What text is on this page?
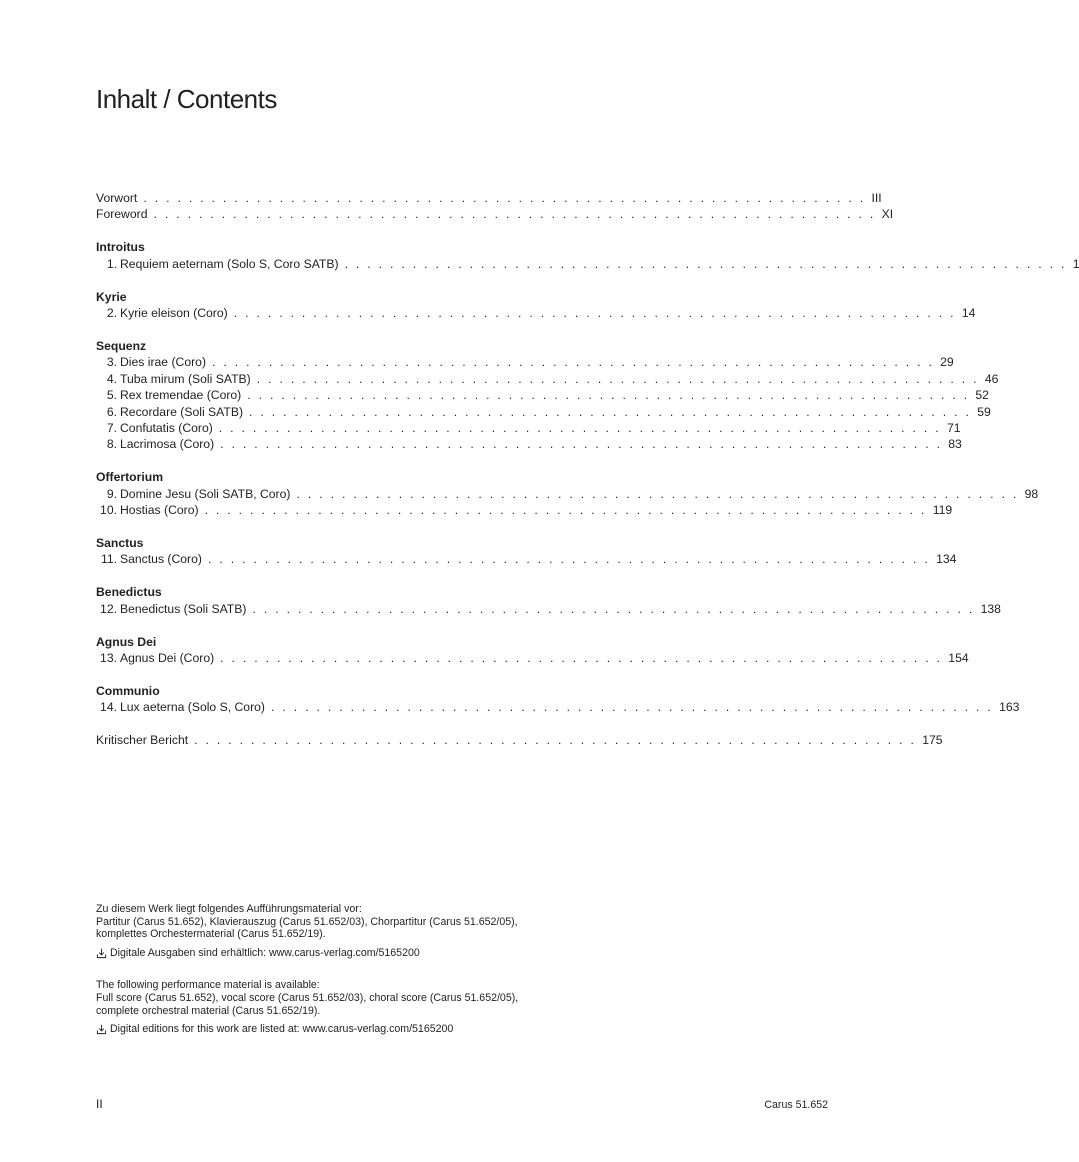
Inhalt / Contents
Vorwort . . . . . . . . . . . . . . . . . . . . . . . . . . . . . . . . . . . . . . . . . . . . . . . . . . . . . . . . . . . . . . . . III
Foreword . . . . . . . . . . . . . . . . . . . . . . . . . . . . . . . . . . . . . . . . . . . . . . . . . . . . . . . . . . . . . . . . XI
Introitus
1. Requiem aeternam (Solo S, Coro SATB) . . . . . . . . . . . . . . . . . . . . . . . . . . . . . . . . . . . . . . . . . . . . . . . . . . . . . . . . . . . . . . . . 1
Kyrie
2. Kyrie eleison (Coro) . . . . . . . . . . . . . . . . . . . . . . . . . . . . . . . . . . . . . . . . . . . . . . . . . . . . . . . . . . . . . . . . 14
Sequenz
3. Dies irae (Coro) . . . . . . . . . . . . . . . . . . . . . . . . . . . . . . . . . . . . . . . . . . . . . . . . . . . . . . . . . . . . . . . . 29
4. Tuba mirum (Soli SATB) . . . . . . . . . . . . . . . . . . . . . . . . . . . . . . . . . . . . . . . . . . . . . . . . . . . . . . . . . . . . . . . . 46
5. Rex tremendae (Coro) . . . . . . . . . . . . . . . . . . . . . . . . . . . . . . . . . . . . . . . . . . . . . . . . . . . . . . . . . . . . . . . . 52
6. Recordare (Soli SATB) . . . . . . . . . . . . . . . . . . . . . . . . . . . . . . . . . . . . . . . . . . . . . . . . . . . . . . . . . . . . . . . . 59
7. Confutatis (Coro) . . . . . . . . . . . . . . . . . . . . . . . . . . . . . . . . . . . . . . . . . . . . . . . . . . . . . . . . . . . . . . . . 71
8. Lacrimosa (Coro) . . . . . . . . . . . . . . . . . . . . . . . . . . . . . . . . . . . . . . . . . . . . . . . . . . . . . . . . . . . . . . . . 83
Offertorium
9. Domine Jesu (Soli SATB, Coro) . . . . . . . . . . . . . . . . . . . . . . . . . . . . . . . . . . . . . . . . . . . . . . . . . . . . . . . . . . . . . . . . 98
10. Hostias (Coro) . . . . . . . . . . . . . . . . . . . . . . . . . . . . . . . . . . . . . . . . . . . . . . . . . . . . . . . . . . . . . . . . 119
Sanctus
11. Sanctus (Coro) . . . . . . . . . . . . . . . . . . . . . . . . . . . . . . . . . . . . . . . . . . . . . . . . . . . . . . . . . . . . . . . . 134
Benedictus
12. Benedictus (Soli SATB) . . . . . . . . . . . . . . . . . . . . . . . . . . . . . . . . . . . . . . . . . . . . . . . . . . . . . . . . . . . . . . . . 138
Agnus Dei
13. Agnus Dei (Coro) . . . . . . . . . . . . . . . . . . . . . . . . . . . . . . . . . . . . . . . . . . . . . . . . . . . . . . . . . . . . . . . . 154
Communio
14. Lux aeterna (Solo S, Coro) . . . . . . . . . . . . . . . . . . . . . . . . . . . . . . . . . . . . . . . . . . . . . . . . . . . . . . . . . . . . . . . . 163
Kritischer Bericht . . . . . . . . . . . . . . . . . . . . . . . . . . . . . . . . . . . . . . . . . . . . . . . . . . . . . . . . . . . . . . . . 175

Zu diesem Werk liegt folgendes Aufführungsmaterial vor:

Partitur (Carus 51.652), Klavierauszug (Carus 51.652/03), Chorpartitur (Carus 51.652/05),

komplettes Orchestermaterial (Carus 51.652/19).

Digitale Ausgaben sind erhältlich: www.carus-verlag.com/5165200

The following performance material is available:

Full score (Carus 51.652), vocal score (Carus 51.652/03), choral score (Carus 51.652/05),

complete orchestral material (Carus 51.652/19).

Digital editions for this work are listed at: www.carus-verlag.com/5165200

II	Carus 51.652
